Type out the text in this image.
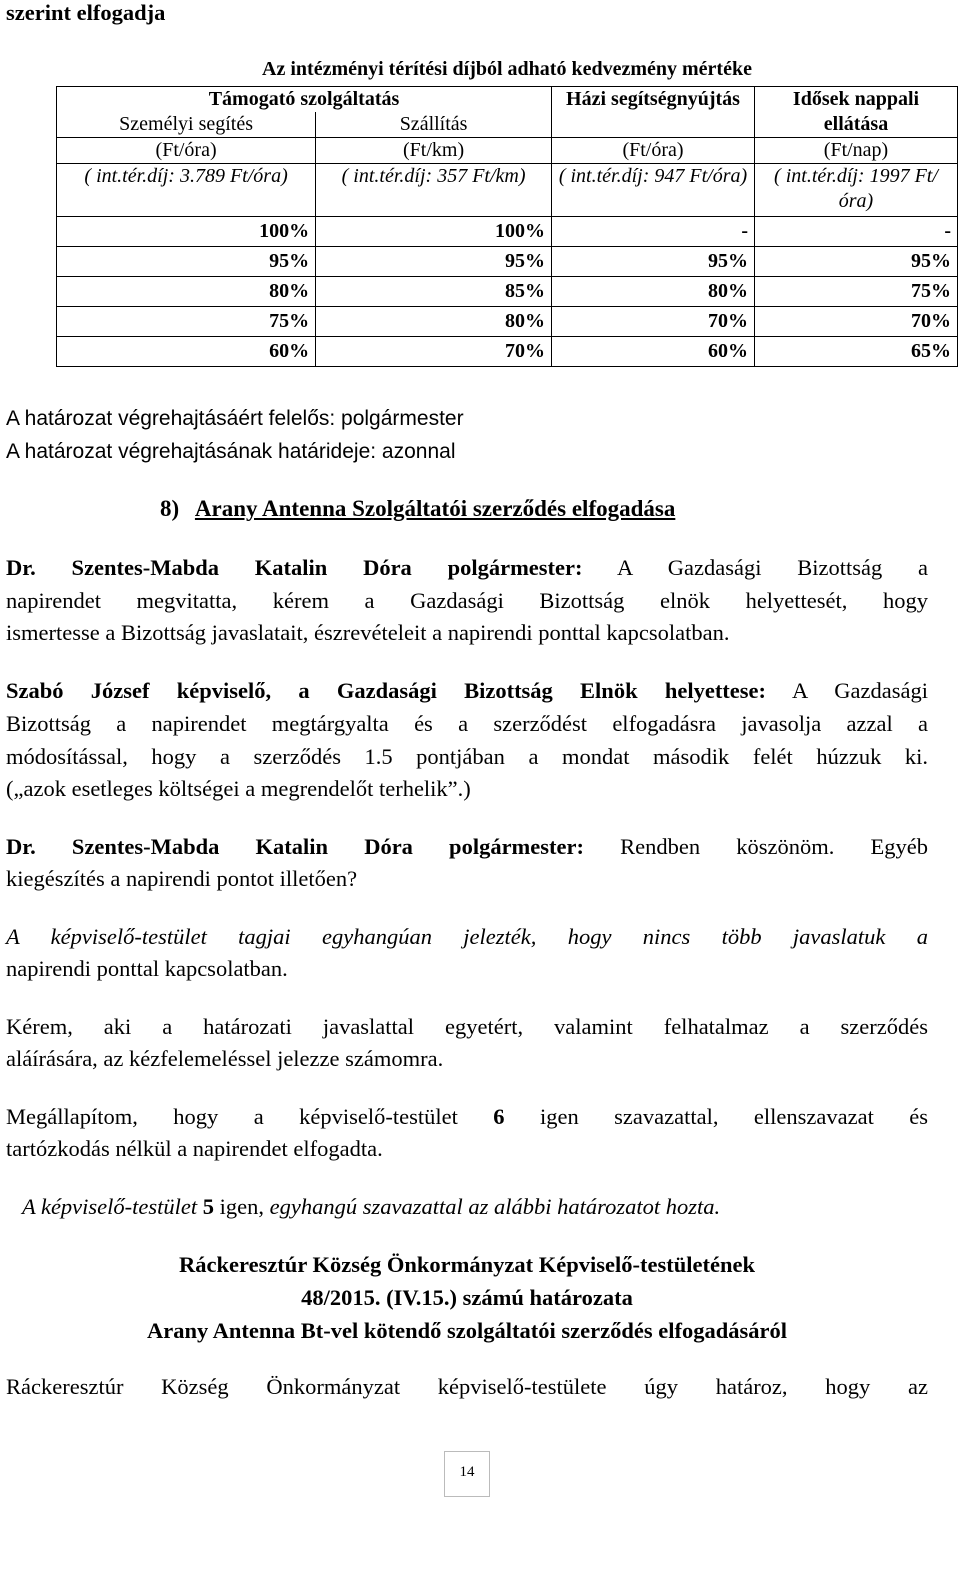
szerint elfogadja
Az intézményi térítési díjból adható kedvezmény mértéke
Támogató szolgáltatás		Házi segítségnyújtás	Idősek nappali ellátása
Személyi segítés	Szállítás		
(Ft/óra)	(Ft/km)	(Ft/óra)	(Ft/nap)
( int.tér.díj: 3.789 Ft/óra)	( int.tér.díj: 357 Ft/km)	( int.tér.díj: 947 Ft/óra)	( int.tér.díj: 1997 Ft/óra)
100%	100%	-	-
95%	95%	95%	95%
80%	85%	80%	75%
75%	80%	70%	70%
60%	70%	60%	65%
A határozat végrehajtásáért felelős: polgármester
A határozat végrehajtásának határideje: azonnal
8) Arany Antenna Szolgáltatói szerződés elfogadása
Dr. Szentes-Mabda Katalin Dóra polgármester: A Gazdasági Bizottság a
napirendet megvitatta, kérem a Gazdasági Bizottság elnök helyettesét, hogy
ismertesse a Bizottság javaslatait, észrevételeit a napirendi ponttal kapcsolatban.
Szabó József képviselő, a Gazdasági Bizottság Elnök helyettese: A Gazdasági
Bizottság a napirendet megtárgyalta és a szerződést elfogadásra javasolja azzal a
módosítással, hogy a szerződés 1.5 pontjában a mondat második felét húzzuk ki.
(„azok esetleges költségei a megrendelőt terhelik”.)
Dr. Szentes-Mabda Katalin Dóra polgármester: Rendben köszönöm. Egyéb
kiegészítés a napirendi pontot illetően?
A képviselő-testület tagjai egyhangúan jelezték, hogy nincs több javaslatuk a
napirendi ponttal kapcsolatban.
Kérem, aki a határozati javaslattal egyetért, valamint felhatalmaz a szerződés
aláírására, az kézfelemeléssel jelezze számomra.
Megállapítom, hogy a képviselő-testület 6 igen szavazattal, ellenszavazat és
tartózkodás nélkül a napirendet elfogadta.
A képviselő-testület 5 igen, egyhangú szavazattal az alábbi határozatot hozta.
Ráckeresztúr Község Önkormányzat Képviselő-testületének
48/2015. (IV.15.) számú határozata
Arany Antenna Bt-vel kötendő szolgáltatói szerződés elfogadásáról
Ráckeresztúr Község Önkormányzat képviselő-testülete úgy határoz, hogy az
14
